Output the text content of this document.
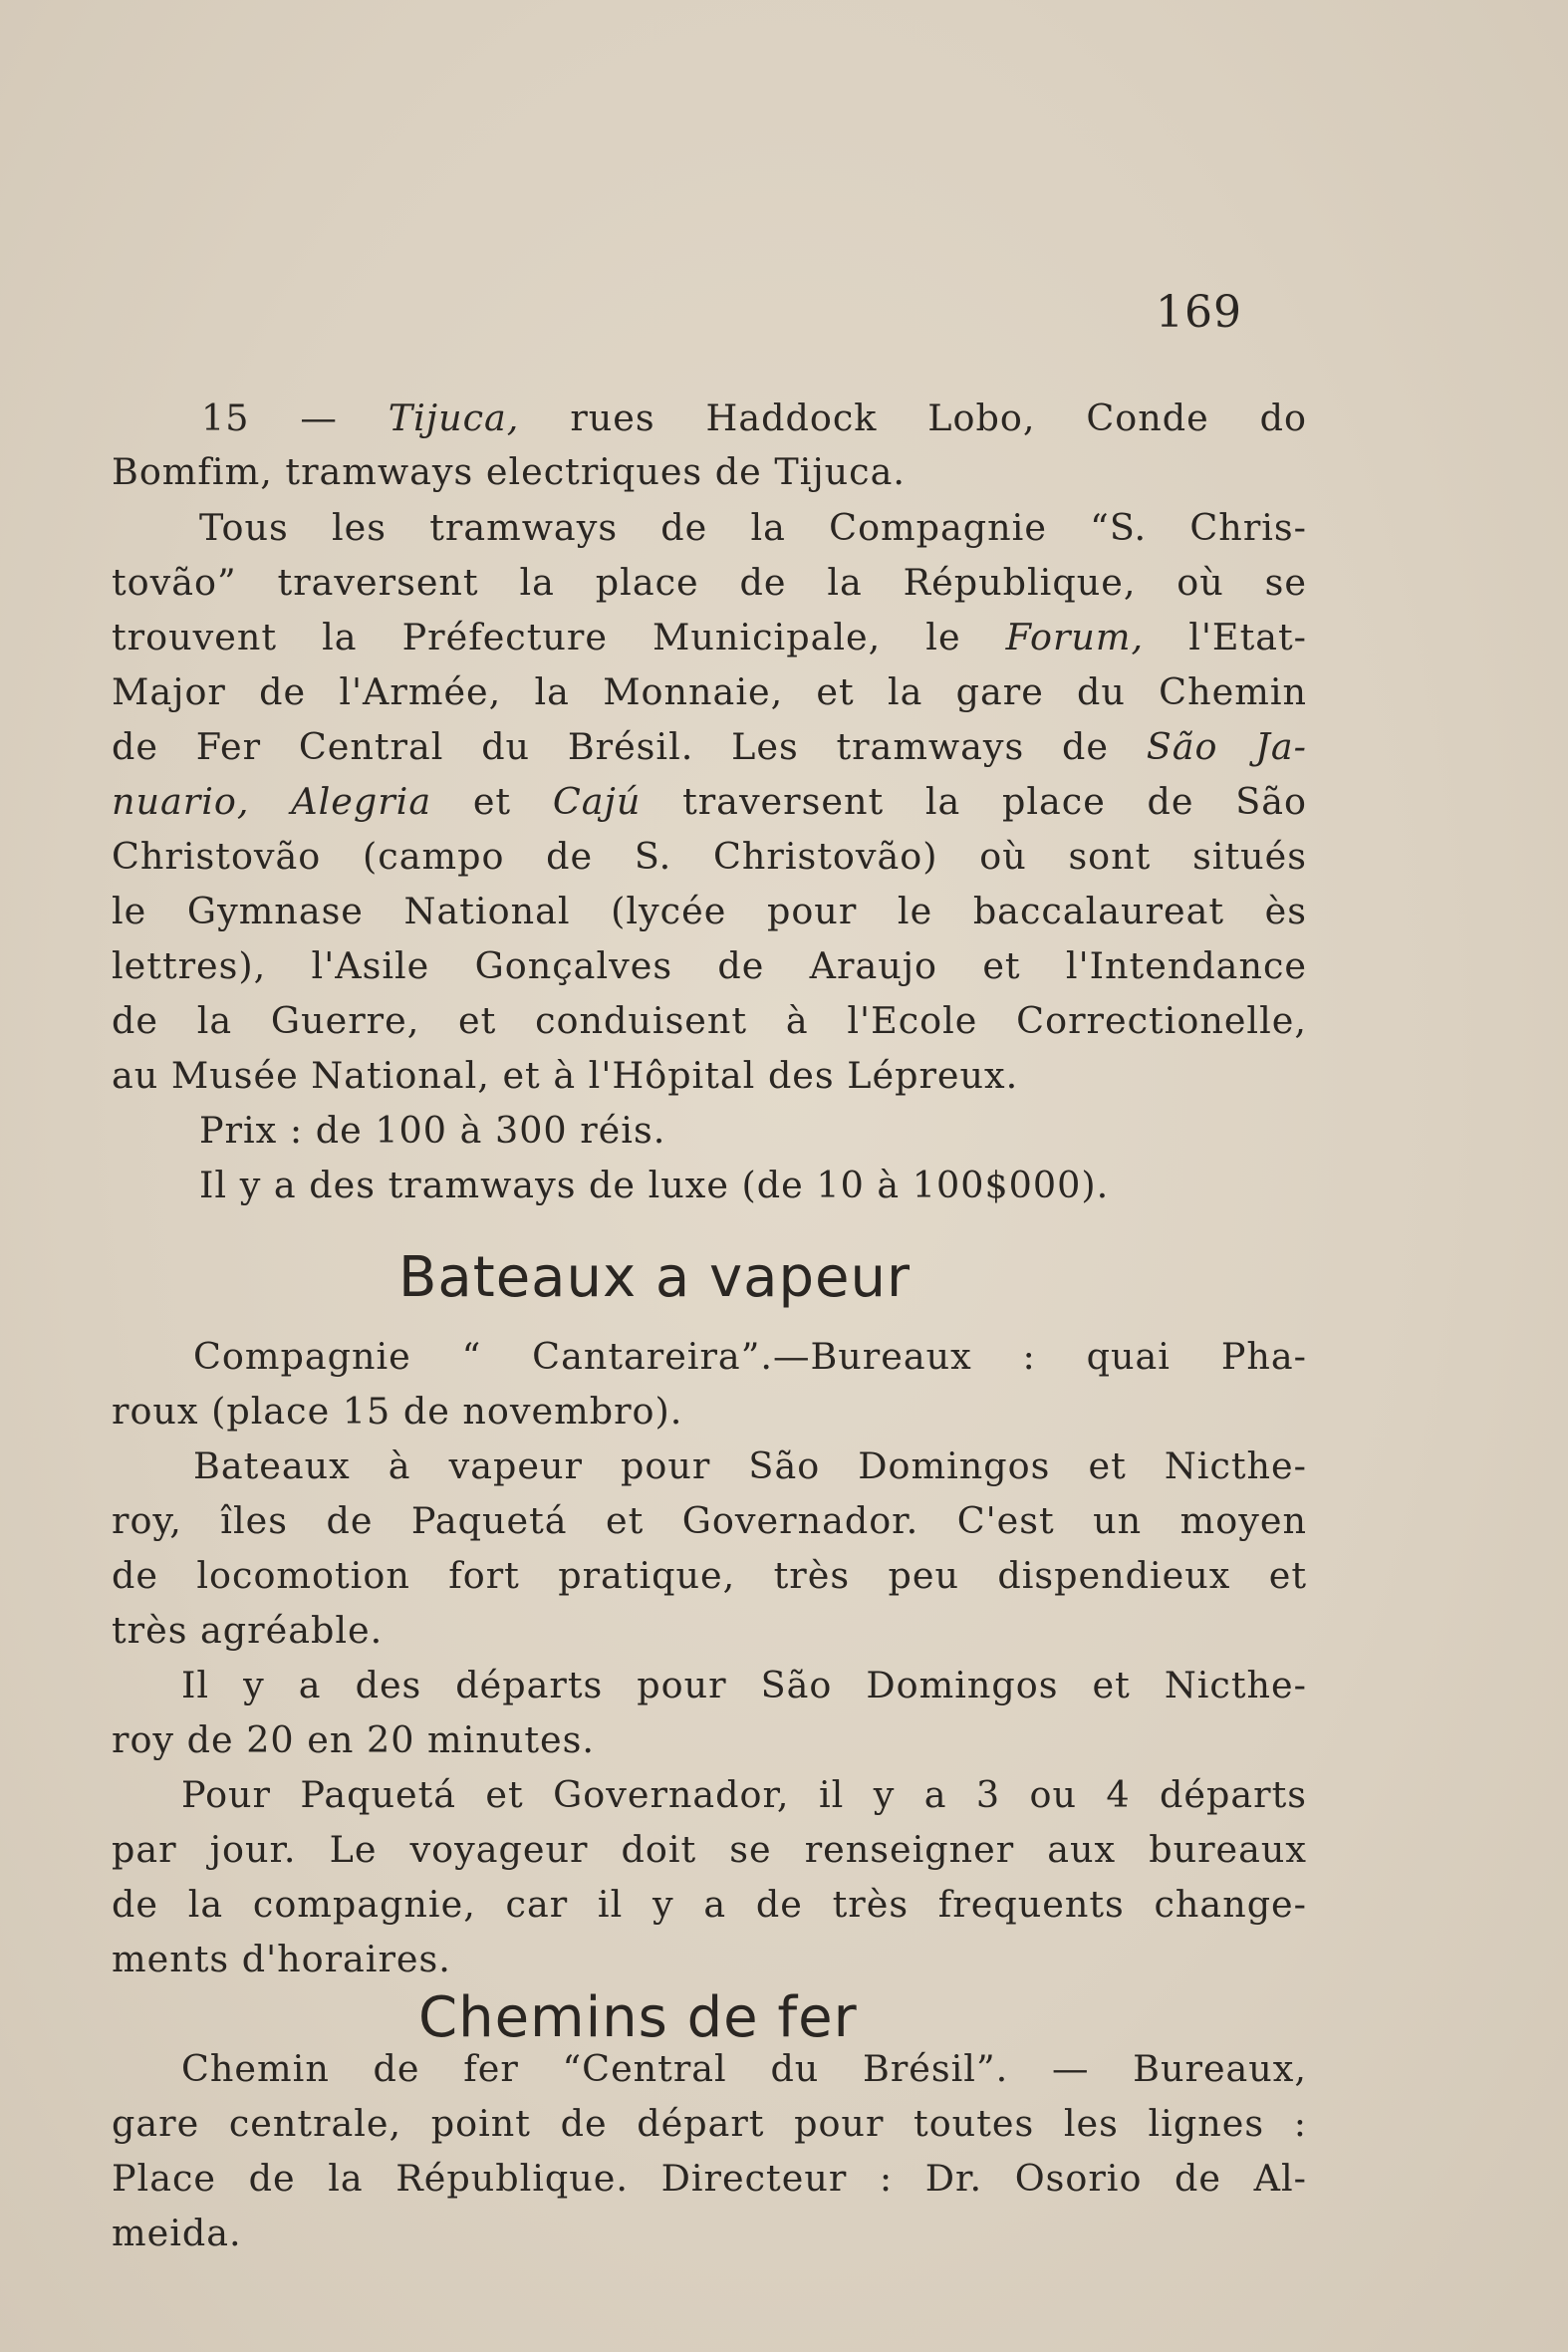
169
15 — Tijuca, rues Haddock Lobo, Conde do
Bomfim, tramways electriques de Tijuca.
Tous les tramways de la Compagnie “S. Chris-
tovão” traversent la place de la République, où se
trouvent la Préfecture Municipale, le Forum, l'Etat-
Major de l'Armée, la Monnaie, et la gare du Chemin
de Fer Central du Brésil. Les tramways de São Ja-
nuario, Alegria et Cajú traversent la place de São
Christovão (campo de S. Christovão) où sont situés
le Gymnase National (lycée pour le baccalaureat ès
lettres), l'Asile Gonçalves de Araujo et l'Intendance
de la Guerre, et conduisent à l'Ecole Correctionelle,
au Musée National, et à l'Hôpital des Lépreux.
Prix : de 100 à 300 réis.
Il y a des tramways de luxe (de 10 à 100$000).
Bateaux a vapeur
Compagnie “ Cantareira”.—Bureaux : quai Pha-
roux (place 15 de novembro).
Bateaux à vapeur pour São Domingos et Nicthe-
roy, îles de Paquetá et Governador. C'est un moyen
de locomotion fort pratique, très peu dispendieux et
très agréable.
Il y a des départs pour São Domingos et Nicthe-
roy de 20 en 20 minutes.
Pour Paquetá et Governador, il y a 3 ou 4 départs
par jour. Le voyageur doit se renseigner aux bureaux
de la compagnie, car il y a de très frequents change-
ments d'horaires.
Chemins de fer
Chemin de fer “Central du Brésil”. — Bureaux,
gare centrale, point de départ pour toutes les lignes :
Place de la République. Directeur : Dr. Osorio de Al-
meida.
